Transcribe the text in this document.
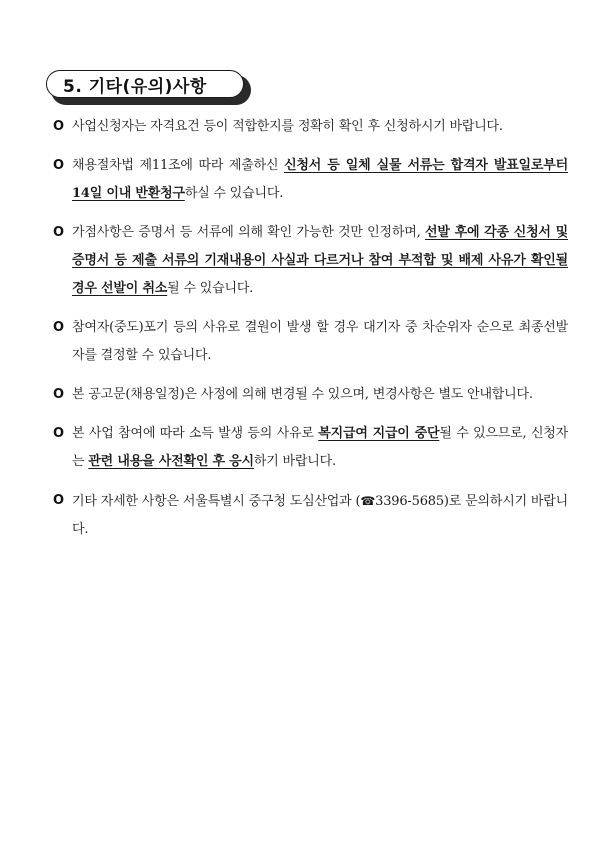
5. 기타(유의)사항
O 사업신청자는 자격요건 등이 적합한지를 정확히 확인 후 신청하시기 바랍니다.
O 채용절차법 제11조에 따라 제출하신 신청서 등 일체 실물 서류는 합격자 발표일로부터 14일 이내 반환청구하실 수 있습니다.
O 가점사항은 증명서 등 서류에 의해 확인 가능한 것만 인정하며, 선발 후에 각종 신청서 및 증명서 등 제출 서류의 기재내용이 사실과 다르거나 참여 부적합 및 배제 사유가 확인될 경우 선발이 취소될 수 있습니다.
O 참여자(중도)포기 등의 사유로 결원이 발생 할 경우 대기자 중 차순위자 순으로 최종선발자를 결정할 수 있습니다.
O 본 공고문(채용일정)은 사정에 의해 변경될 수 있으며, 변경사항은 별도 안내합니다.
O 본 사업 참여에 따라 소득 발생 등의 사유로 복지급여 지급이 중단될 수 있으므로, 신청자는 관련 내용을 사전확인 후 응시하기 바랍니다.
O 기타 자세한 사항은 서울특별시 중구청 도심산업과 (☎3396-5685)로 문의하시기 바랍니다.
